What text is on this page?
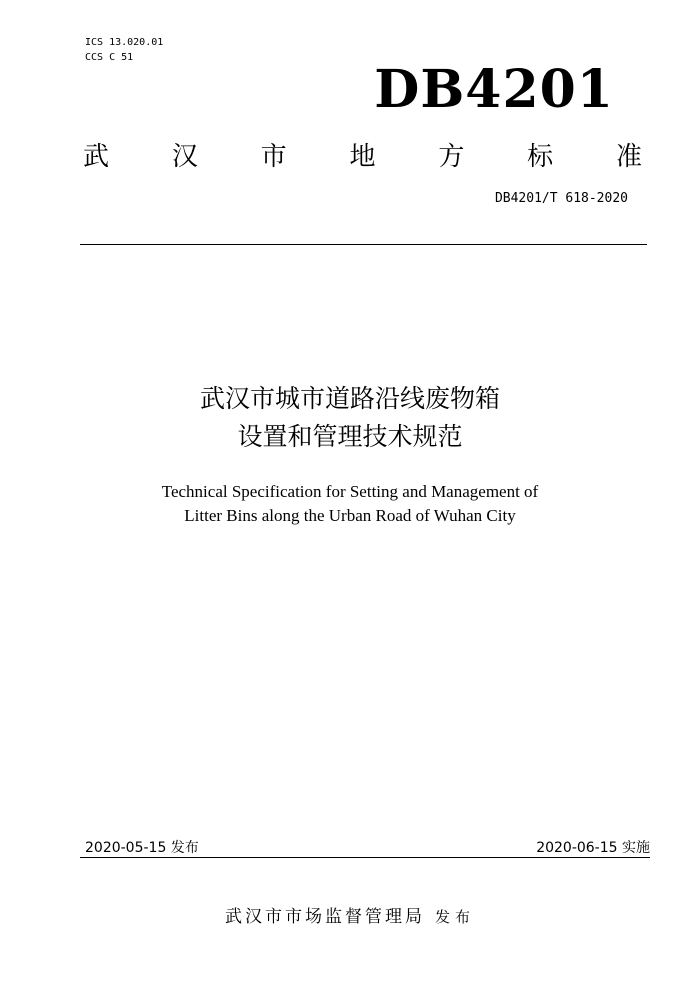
ICS 13.020.01
CCS C 51
DB4201
武 汉 市 地 方 标 准
DB4201/T 618-2020
武汉市城市道路沿线废物箱
设置和管理技术规范
Technical Specification for Setting and Management of
Litter Bins along the Urban Road of Wuhan City
2020-05-15 发布	2020-06-15 实施
武汉市市场监督管理局 发布
